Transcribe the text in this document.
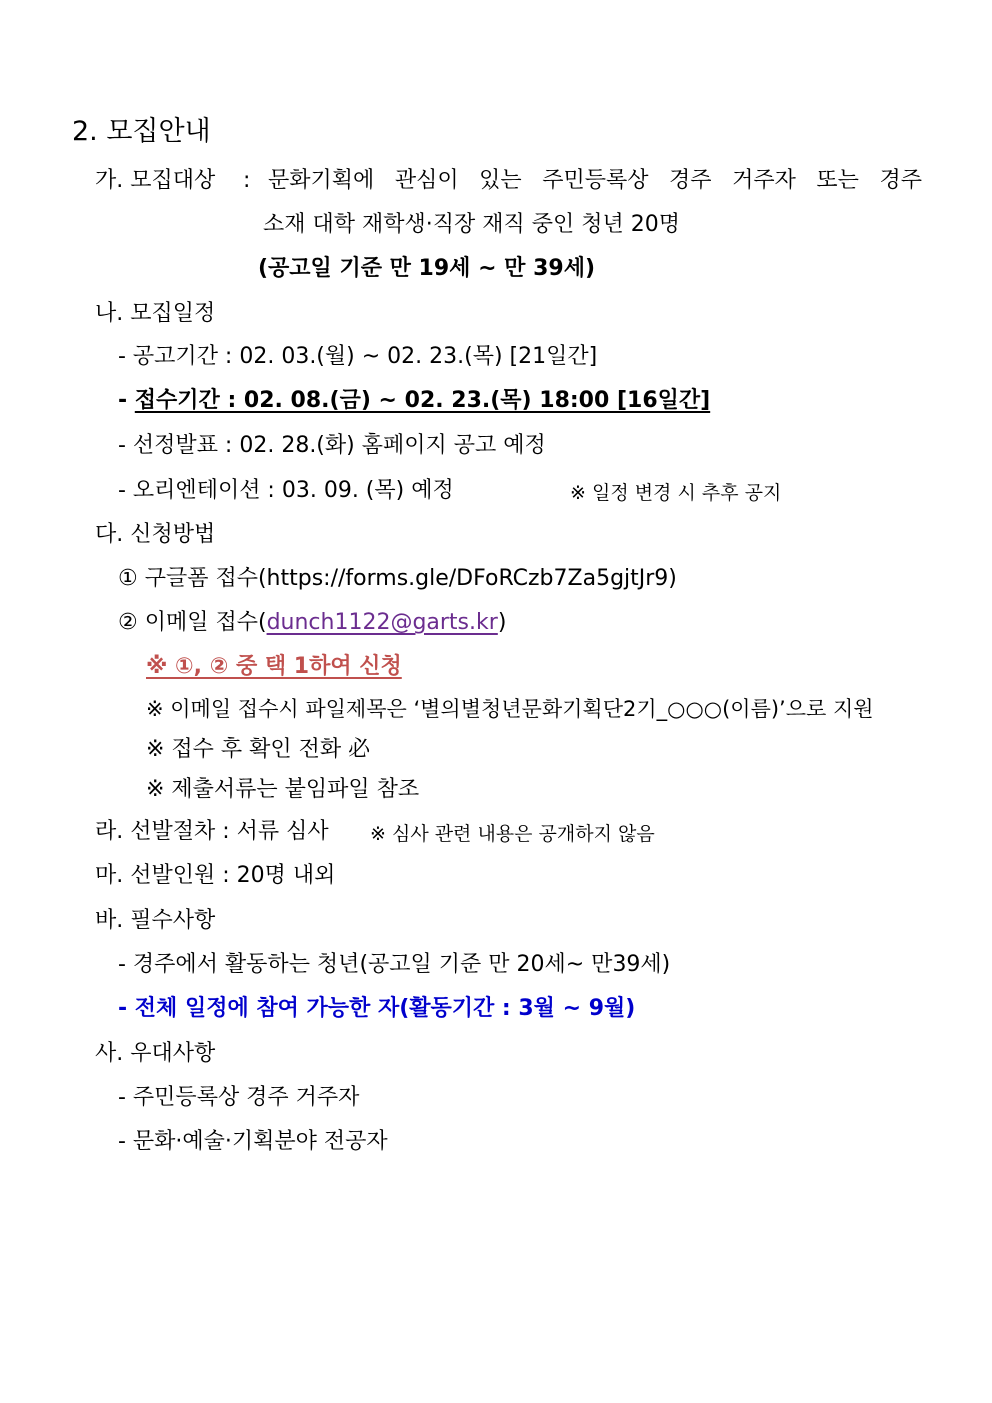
2. 모집안내
가. 모집대상 : 문화기획에 관심이 있는 주민등록상 경주 거주자 또는 경주
소재 대학 재학생·직장 재직 중인 청년 20명
(공고일 기준 만 19세 ~ 만 39세)
나. 모집일정
- 공고기간 : 02. 03.(월) ~ 02. 23.(목) [21일간]
- 접수기간 : 02. 08.(금) ~ 02. 23.(목) 18:00 [16일간]
- 선정발표 : 02. 28.(화) 홈페이지 공고 예정
- 오리엔테이션 : 03. 09. (목) 예정	※ 일정 변경 시 추후 공지
다. 신청방법
① 구글폼 접수(https://forms.gle/DFoRCzb7Za5gjtJr9)
② 이메일 접수(dunch1122@garts.kr)
※ ①, ② 중 택 1하여 신청
※ 이메일 접수시 파일제목은 ‘별의별청년문화기획단2기_○○○(이름)’으로 지원
※ 접수 후 확인 전화 必
※ 제출서류는 붙임파일 참조
라. 선발절차 : 서류 심사 ※ 심사 관련 내용은 공개하지 않음
마. 선발인원 : 20명 내외
바. 필수사항
- 경주에서 활동하는 청년(공고일 기준 만 20세~ 만39세)
- 전체 일정에 참여 가능한 자(활동기간 : 3월 ~ 9월)
사. 우대사항
- 주민등록상 경주 거주자
- 문화·예술·기획분야 전공자
